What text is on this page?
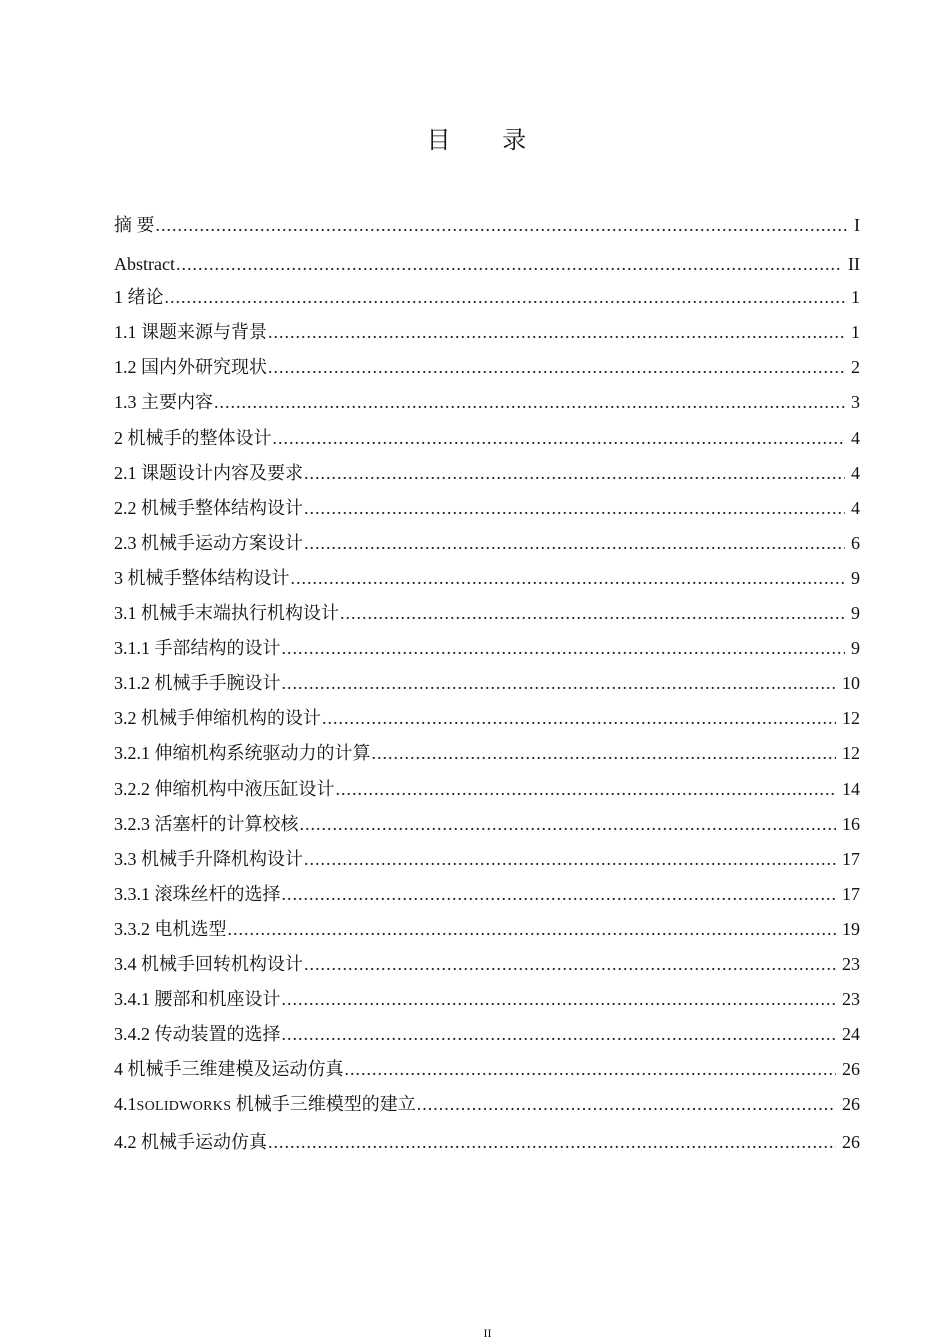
目 录
摘 要 .....	I
Abstract .....	II
1 绪论 .....	1
1.1 课题来源与背景 .....	1
1.2 国内外研究现状 .....	2
1.3 主要内容 .....	3
2 机械手的整体设计 .....	4
2.1 课题设计内容及要求 .....	4
2.2 机械手整体结构设计 .....	4
2.3 机械手运动方案设计 .....	6
3 机械手整体结构设计 .....	9
3.1 机械手末端执行机构设计 .....	9
3.1.1 手部结构的设计 .....	9
3.1.2 机械手手腕设计 .....	10
3.2 机械手伸缩机构的设计 .....	12
3.2.1 伸缩机构系统驱动力的计算 .....	12
3.2.2 伸缩机构中液压缸设计 .....	14
3.2.3 活塞杆的计算校核 .....	16
3.3 机械手升降机构设计 .....	17
3.3.1 滚珠丝杆的选择 .....	17
3.3.2 电机选型 .....	19
3.4 机械手回转机构设计 .....	23
3.4.1 腰部和机座设计 .....	23
3.4.2 传动装置的选择 .....	24
4 机械手三维建模及运动仿真 .....	26
4.1SOLIDWORKS 机械手三维模型的建立 .....	26
4.2 机械手运动仿真 .....	26
II
